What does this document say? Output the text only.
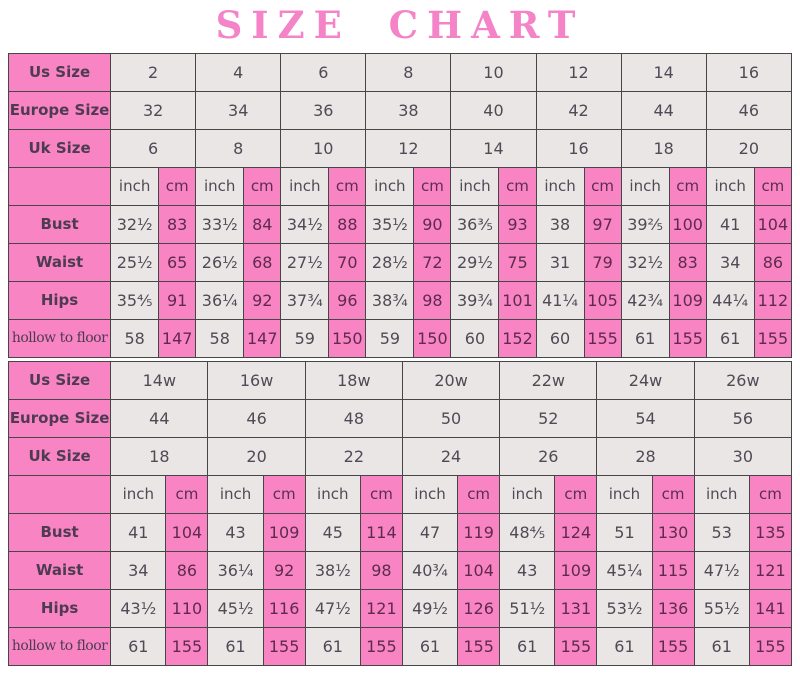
SIZE CHART
Us Size	2		4		6		8		10		12		14		16	
Europe Size	32		34		36		38		40		42		44		46	
Uk Size	6		8		10		12		14		16		18		20	
	inch	cm	inch	cm	inch	cm	inch	cm	inch	cm	inch	cm	inch	cm	inch	cm
Bust	32½	83	33½	84	34½	88	35½	90	36⅗	93	38	97	39⅖	100	41	104
Waist	25½	65	26½	68	27½	70	28½	72	29½	75	31	79	32½	83	34	86
Hips	35⅘	91	36¼	92	37¾	96	38¾	98	39¾	101	41¼	105	42¾	109	44¼	112
hollow to floor	58	147	58	147	59	150	59	150	60	152	60	155	61	155	61	155
Us Size	14w		16w		18w		20w		22w		24w		26w	
Europe Size	44		46		48		50		52		54		56	
Uk Size	18		20		22		24		26		28		30	
	inch	cm	inch	cm	inch	cm	inch	cm	inch	cm	inch	cm	inch	cm
Bust	41	104	43	109	45	114	47	119	48⅘	124	51	130	53	135
Waist	34	86	36¼	92	38½	98	40¾	104	43	109	45¼	115	47½	121
Hips	43½	110	45½	116	47½	121	49½	126	51½	131	53½	136	55½	141
hollow to floor	61	155	61	155	61	155	61	155	61	155	61	155	61	155
